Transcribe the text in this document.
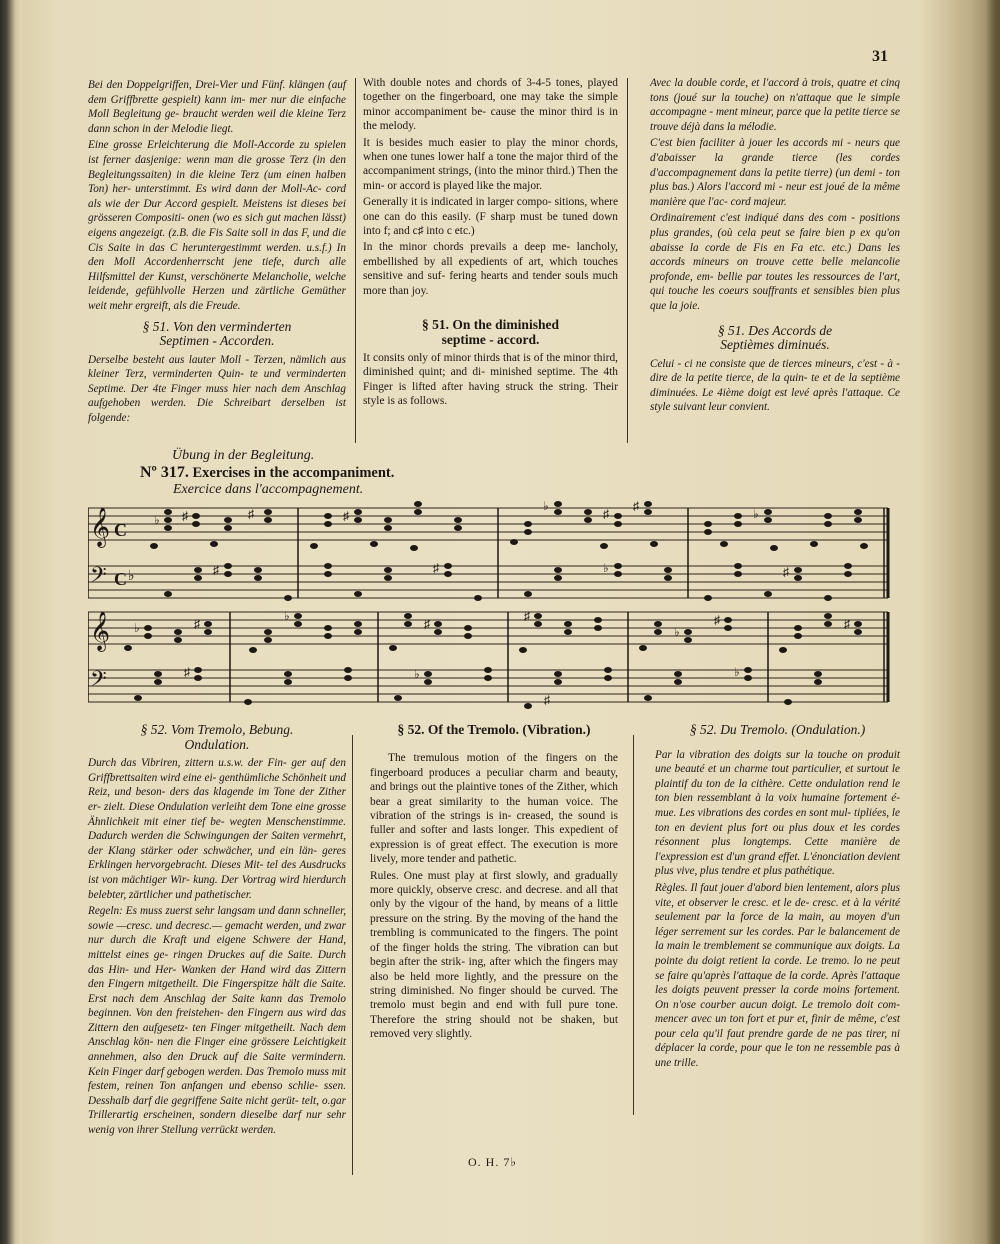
31

Bei den Doppelgriffen, Drei-Vier und Fünf. klängen (auf dem Griffbrette gespielt) kann im- mer nur die einfache Moll Begleitung ge- braucht werden weil die kleine Terz dann schon in der Melodie liegt.

Eine grosse Erleichterung die Moll-Accorde zu spielen ist ferner dasjenige: wenn man die grosse Terz (in den Begleitungssaiten) in die kleine Terz (um einen halben Ton) her- unterstimmt. Es wird dann der Moll-Ac- cord als wie der Dur Accord gespielt. Meistens ist dieses bei grösseren Compositi- onen (wo es sich gut machen lässt) eigens angezeigt. (z.B. die Fis Saite soll in das F, und die Cis Saite in das C heruntergestimmt werden. u.s.f.) In den Moll Accordenherrscht jene tiefe, durch alle Hilfsmittel der Kunst, verschönerte Melancholie, welche leidende, gefühlvolle Herzen und zärtliche Gemüther weit mehr ergreift, als die Freude.

§ 51. Von den verminderten
Septimen - Accorden.

Derselbe besteht aus lauter Moll - Terzen, nämlich aus kleiner Terz, verminderten Quin- te und verminderten Septime. Der 4te Finger muss hier nach dem Anschlag aufgehoben werden. Die Schreibart derselben ist folgende:

With double notes and chords of 3-4-5 tones, played together on the fingerboard, one may take the simple minor accompaniment be- cause the minor third is in the melody.

It is besides much easier to play the minor chords, when one tunes lower half a tone the major third of the accompaniment strings, (into the minor third.) Then the min- or accord is played like the major.

Generally it is indicated in larger compo- sitions, where one can do this easily. (F sharp must be tuned down into f; and c♯ into c etc.)

In the minor chords prevails a deep me- lancholy, embellished by all expedients of art, which touches sensitive and suf- fering hearts and tender souls much more than joy.

§ 51. On the diminished
septime - accord.

It consits only of minor thirds that is of the minor third, diminished quint; and di- minished septime. The 4th Finger is lifted after having struck the string. Their style is as follows.

Avec la double corde, et l'accord à trois, quatre et cinq tons (joué sur la touche) on n'attaque que le simple accompagne - ment mineur, parce que la petite tierce se trouve déjà dans la mélodie.

C'est bien faciliter à jouer les accords mi - neurs que d'abaisser la grande tierce (les cordes d'accompagnement dans la petite tierre) (un demi - ton plus bas.) Alors l'accord mi - neur est joué de la même manière que l'ac- cord majeur.

Ordinairement c'est indiqué dans des com - positions plus grandes, (où cela peut se faire bien p ex qu'on abaisse la corde de Fis en Fa etc. etc.) Dans les accords mineurs on trouve cette belle melancolie profonde, em- bellie par toutes les ressources de l'art, qui touche les coeurs souffrants et sensibles bien plus que la joie.

§ 51. Des Accords de
Septièmes diminués.

Celui - ci ne consiste que de tierces mineurs, c'est - à - dire de la petite tierce, de la quin- te et de la septième diminuées. Le 4ième doigt est levé après l'attaque. Ce style suivant leur convient.

Übung in der Begleitung.
Nº 317. Exercises in the accompaniment.
Exercice dans l'accompagnement.
𝄞 C
𝄢 C ♭
♭ ♯	♯	♯
♭
♯
♯
♭
♯	♯	♭	♯
𝄞
𝄢
♭	♯
♭
♯
♯
♭
♯	♯
♯	♭
♯
♭
§ 52. Vom Tremolo, Bebung.
Ondulation.

Durch das Vibriren, zittern u.s.w. der Fin- ger auf den Griffbrettsaiten wird eine ei- genthümliche Schönheit und Reiz, und beson- ders das klagende im Tone der Zither er- zielt. Diese Ondulation verleiht dem Tone eine grosse Ähnlichkeit mit einer tief be- wegten Menschenstimme. Dadurch werden die Schwingungen der Saiten vermehrt, der Klang stärker oder schwächer, und ein län- geres Erklingen hervorgebracht. Dieses Mit- tel des Ausdrucks ist von mächtiger Wir- kung. Der Vortrag wird hierdurch belebter, zärtlicher und pathetischer.

Regeln: Es muss zuerst sehr langsam und dann schneller, sowie —cresc. und decresc.— gemacht werden, und zwar nur durch die Kraft und eigene Schwere der Hand, mittelst eines ge- ringen Druckes auf die Saite. Durch das Hin- und Her- Wanken der Hand wird das Zittern den Fingern mitgetheilt. Die Fingerspitze hält die Saite. Erst nach dem Anschlag der Saite kann das Tremolo beginnen. Von den freistehen- den Fingern aus wird das Zittern den aufgesetz- ten Finger mitgetheilt. Nach dem Anschlag kön- nen die Finger eine grössere Leichtigkeit annehmen, also den Druck auf die Saite vermindern. Kein Finger darf gebogen werden. Das Tremolo muss mit festem, reinen Ton anfangen und ebenso schlie- ssen. Desshalb darf die gegriffene Saite nicht gerüt- telt, o.gar Trillerartig erscheinen, sondern dieselbe darf nur sehr wenig von ihrer Stellung verrückt werden.

§ 52. Of the Tremolo. (Vibration.)

The tremulous motion of the fingers on the fingerboard produces a peculiar charm and beauty, and brings out the plaintive tones of the Zither, which bear a great similarity to the human voice. The vibration of the strings is in- creased, the sound is fuller and softer and lasts longer. This expedient of expression is of great effect. The execution is more lively, more tender and pathetic.

Rules. One must play at first slowly, and gradually more quickly, observe cresc. and decrese. and all that only by the vigour of the hand, by means of a little pressure on the string. By the moving of the hand the trembling is communicated to the fingers. The point of the finger holds the string. The vibration can but begin after the strik- ing, after which the fingers may also be held more lightly, and the pressure on the string diminished. No finger should be curved. The tremolo must begin and end with full pure tone. Therefore the string should not be shaken, but removed very slightly.

§ 52. Du Tremolo. (Ondulation.)

Par la vibration des doigts sur la touche on produit une beauté et un charme tout particulier, et surtout le plaintif du ton de la cithère. Cette ondulation rend le ton bien ressemblant à la voix humaine fortement é- mue. Les vibrations des cordes en sont mul- tipliées, le ton en devient plus fort ou plus doux et les cordes résonnent plus longtemps. Cette manière de l'expression est d'un grand effet. L'énonciation devient plus vive, plus tendre et plus pathétique.

Règles. Il faut jouer d'abord bien lentement, alors plus vite, et observer le cresc. et le de- cresc. et à la vérité seulement par la force de la main, au moyen d'un léger serrement sur les cordes. Par le balancement de la main le tremblement se communique aux doigts. La pointe du doigt retient la corde. Le tremo. lo ne peut se faire qu'après l'attaque de la corde. Après l'attaque les doigts peuvent presser la corde moins fortement. On n'ose courber aucun doigt. Le tremolo doit com- mencer avec un ton fort et pur et, finir de même, c'est pour cela qu'il faut prendre garde de ne pas tirer, ni déplacer la corde, pour que le ton ne ressemble pas à une trille.

O. H. 7♭
